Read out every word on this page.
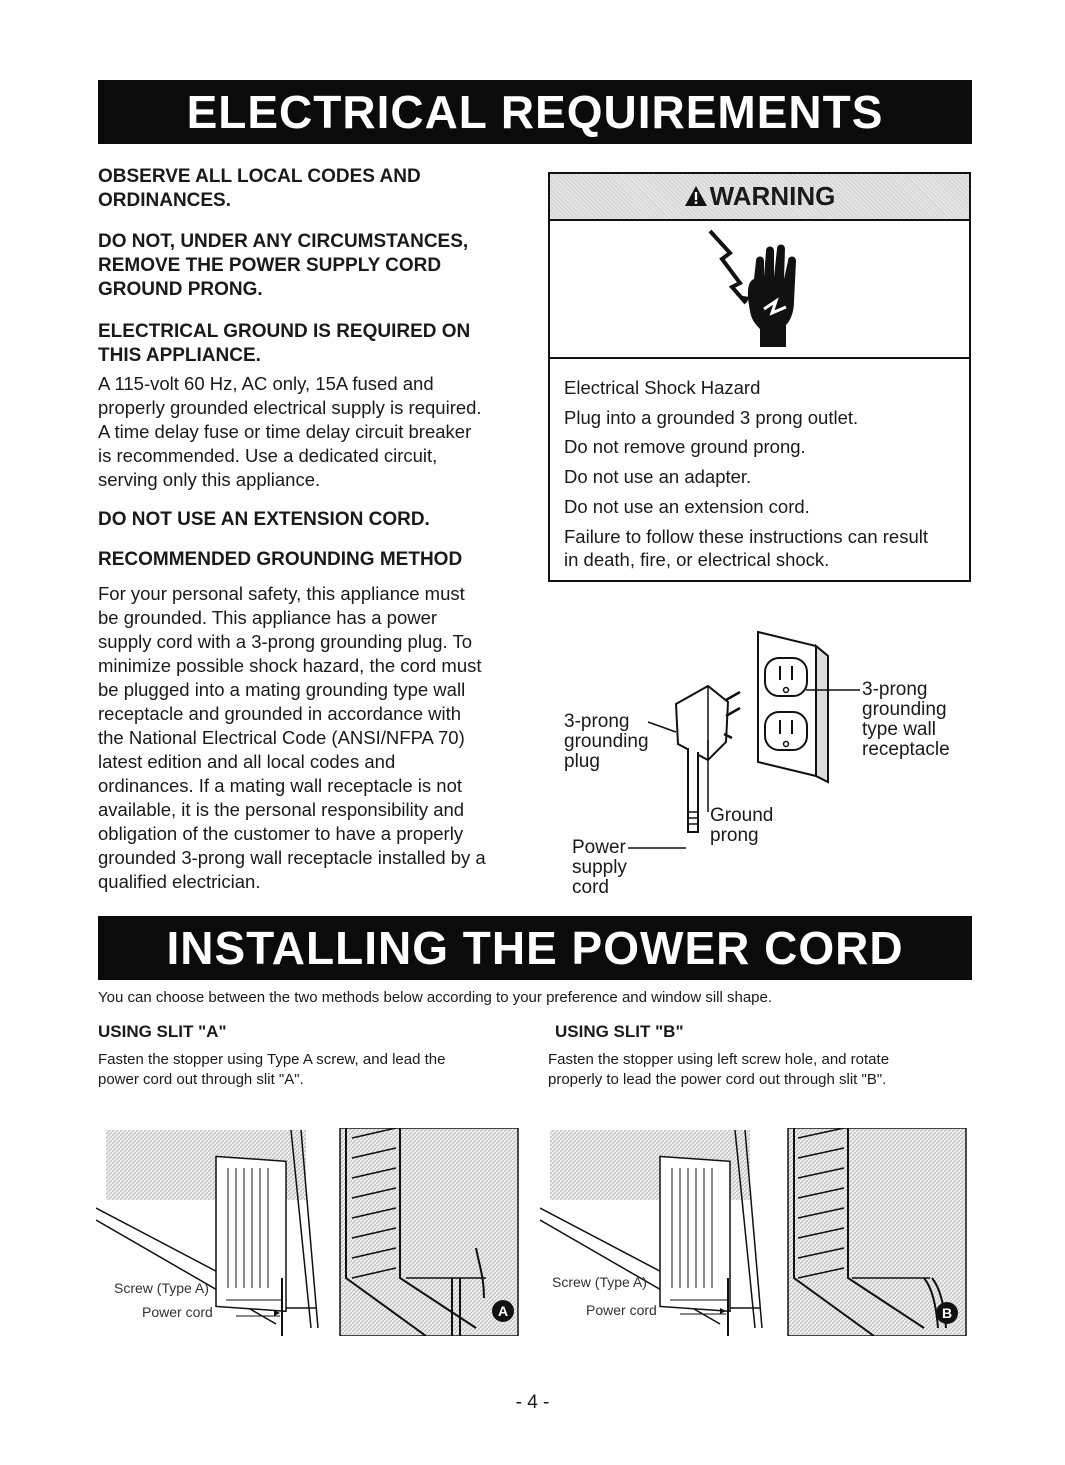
ELECTRICAL REQUIREMENTS

OBSERVE ALL LOCAL CODES AND

ORDINANCES.

DO NOT, UNDER ANY CIRCUMSTANCES,

REMOVE THE POWER SUPPLY CORD

GROUND PRONG.

ELECTRICAL GROUND IS REQUIRED ON

THIS APPLIANCE.

A 115-volt 60 Hz, AC only, 15A fused and

properly grounded electrical supply is required.

A time delay fuse or time delay circuit breaker

is recommended. Use a dedicated circuit,

serving only this appliance.

DO NOT USE AN EXTENSION CORD.

RECOMMENDED GROUNDING METHOD

For your personal safety, this appliance must

be grounded. This appliance has a power

supply cord with a 3-prong grounding plug. To

minimize possible shock hazard, the cord must

be plugged into a mating grounding type wall

receptacle and grounded in accordance with

the National Electrical Code (ANSI/NFPA 70)

latest edition and all local codes and

ordinances. If a mating wall receptacle is not

available, it is the personal responsibility and

obligation of the customer to have a properly

grounded 3-prong wall receptacle installed by a

qualified electrician.

WARNING

Electrical Shock Hazard

Plug into a grounded 3 prong outlet.

Do not remove ground prong.

Do not use an adapter.

Do not use an extension cord.

Failure to follow these instructions can result

in death, fire, or electrical shock.

3-prong

grounding

plug

3-prong

grounding

type wall

receptacle

Ground

prong

Power

supply

cord

INSTALLING THE POWER CORD

You can choose between the two methods below according to your preference and window sill shape.

USING SLIT "A"

Fasten the stopper using Type A screw, and lead the

power cord out through slit "A".

USING SLIT "B"

Fasten the stopper using left screw hole, and rotate

properly to lead the power cord out through slit "B".

Screw (Type A)

Power cord	A

Screw (Type A)

Power cord	B

- 4 -
